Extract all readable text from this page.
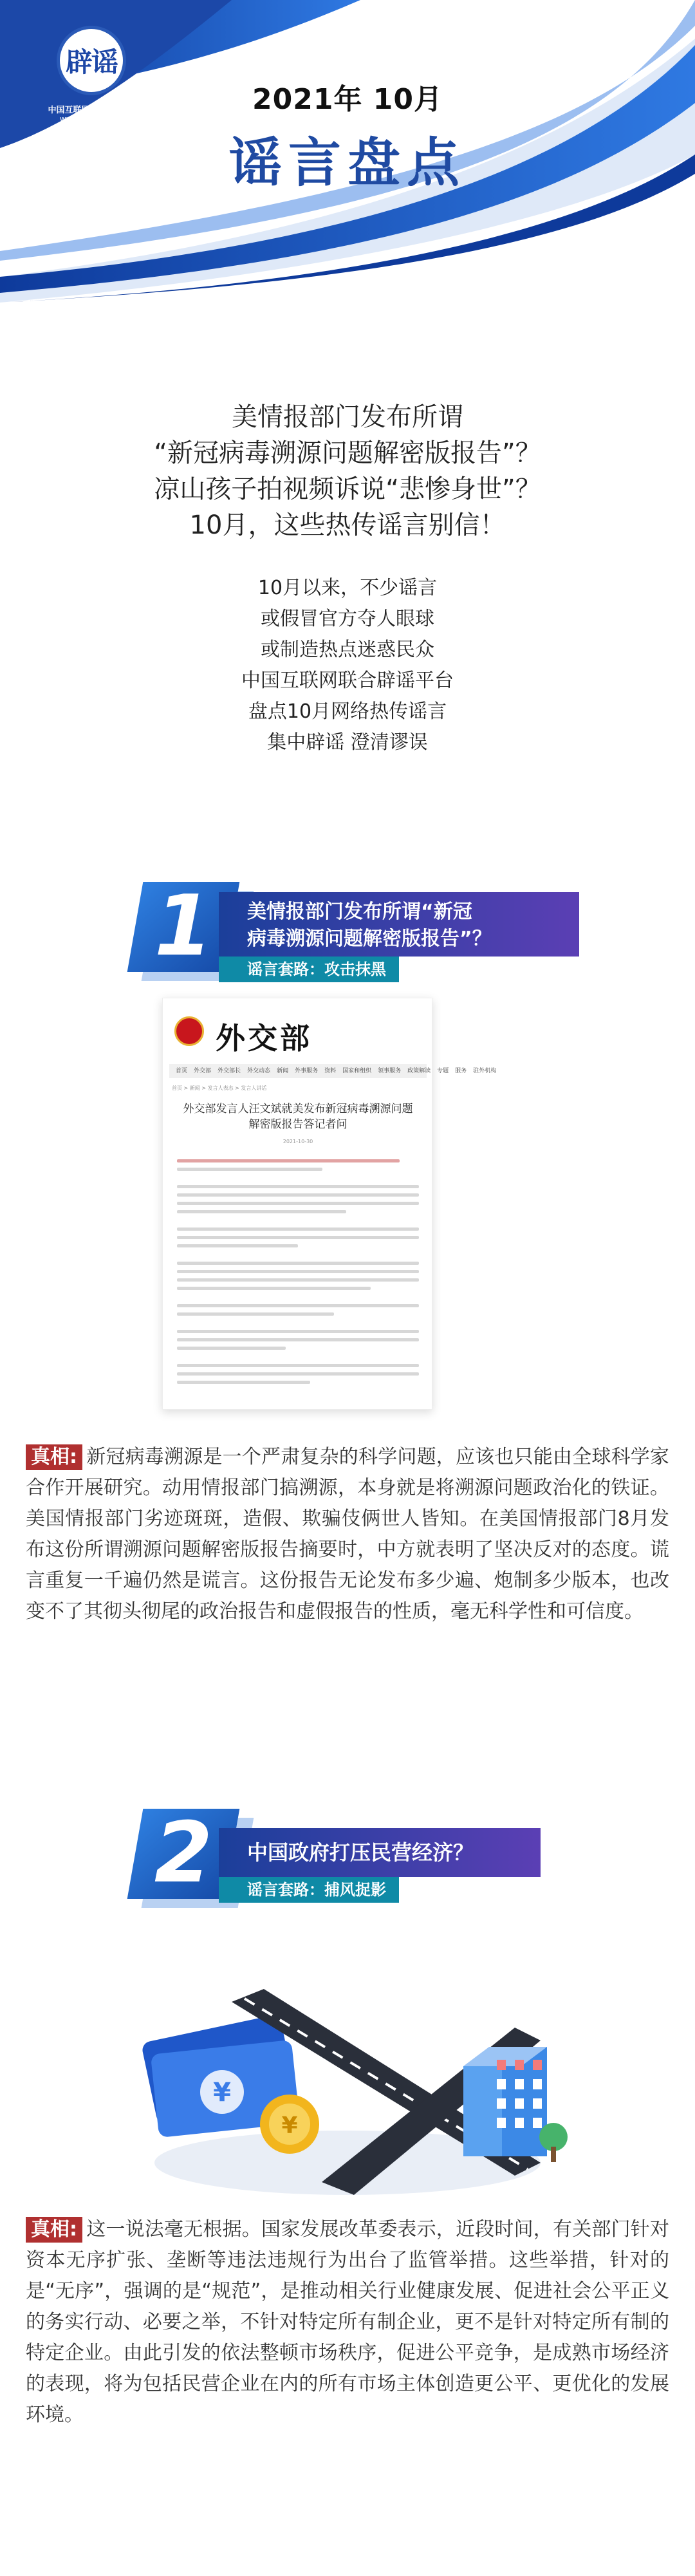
辟谣
中国互联网联合辟谣平台
www.piyao.org.cn
2021年 10月
谣言盘点
美情报部门发布所谓
“新冠病毒溯源问题解密版报告”？
凉山孩子拍视频诉说“悲惨身世”？
10月，这些热传谣言别信！
10月以来，不少谣言
或假冒官方夺人眼球
或制造热点迷惑民众
中国互联网联合辟谣平台
盘点10月网络热传谣言
集中辟谣 澄清谬误
1	美情报部门发布所谓“新冠
病毒溯源问题解密版报告”？
谣言套路：攻击抹黑
外交部
首页 外交部 外交部长 外交动态 新闻 外事服务 资料 国家和组织 领事服务 政策解读 专题 服务 驻外机构
首页 > 新闻 > 发言人表态 > 发言人讲话
外交部发言人汪文斌就美发布新冠病毒溯源问题解密版报告答记者问
2021-10-30
真相: 新冠病毒溯源是一个严肃复杂的科学问题，应该也只能由全球科学家合作开展研究。动用情报部门搞溯源，本身就是将溯源问题政治化的铁证。美国情报部门劣迹斑斑，造假、欺骗伎俩世人皆知。在美国情报部门8月发布这份所谓溯源问题解密版报告摘要时，中方就表明了坚决反对的态度。谎言重复一千遍仍然是谎言。这份报告无论发布多少遍、炮制多少版本，也改变不了其彻头彻尾的政治报告和虚假报告的性质，毫无科学性和可信度。
2	中国政府打压民营经济？
谣言套路：捕风捉影
¥
¥
真相: 这一说法毫无根据。国家发展改革委表示，近段时间，有关部门针对资本无序扩张、垄断等违法违规行为出台了监管举措。这些举措，针对的是“无序”，强调的是“规范”，是推动相关行业健康发展、促进社会公平正义的务实行动、必要之举，不针对特定所有制企业，更不是针对特定所有制的特定企业。由此引发的依法整顿市场秩序，促进公平竞争，是成熟市场经济的表现，将为包括民营企业在内的所有市场主体创造更公平、更优化的发展环境。
